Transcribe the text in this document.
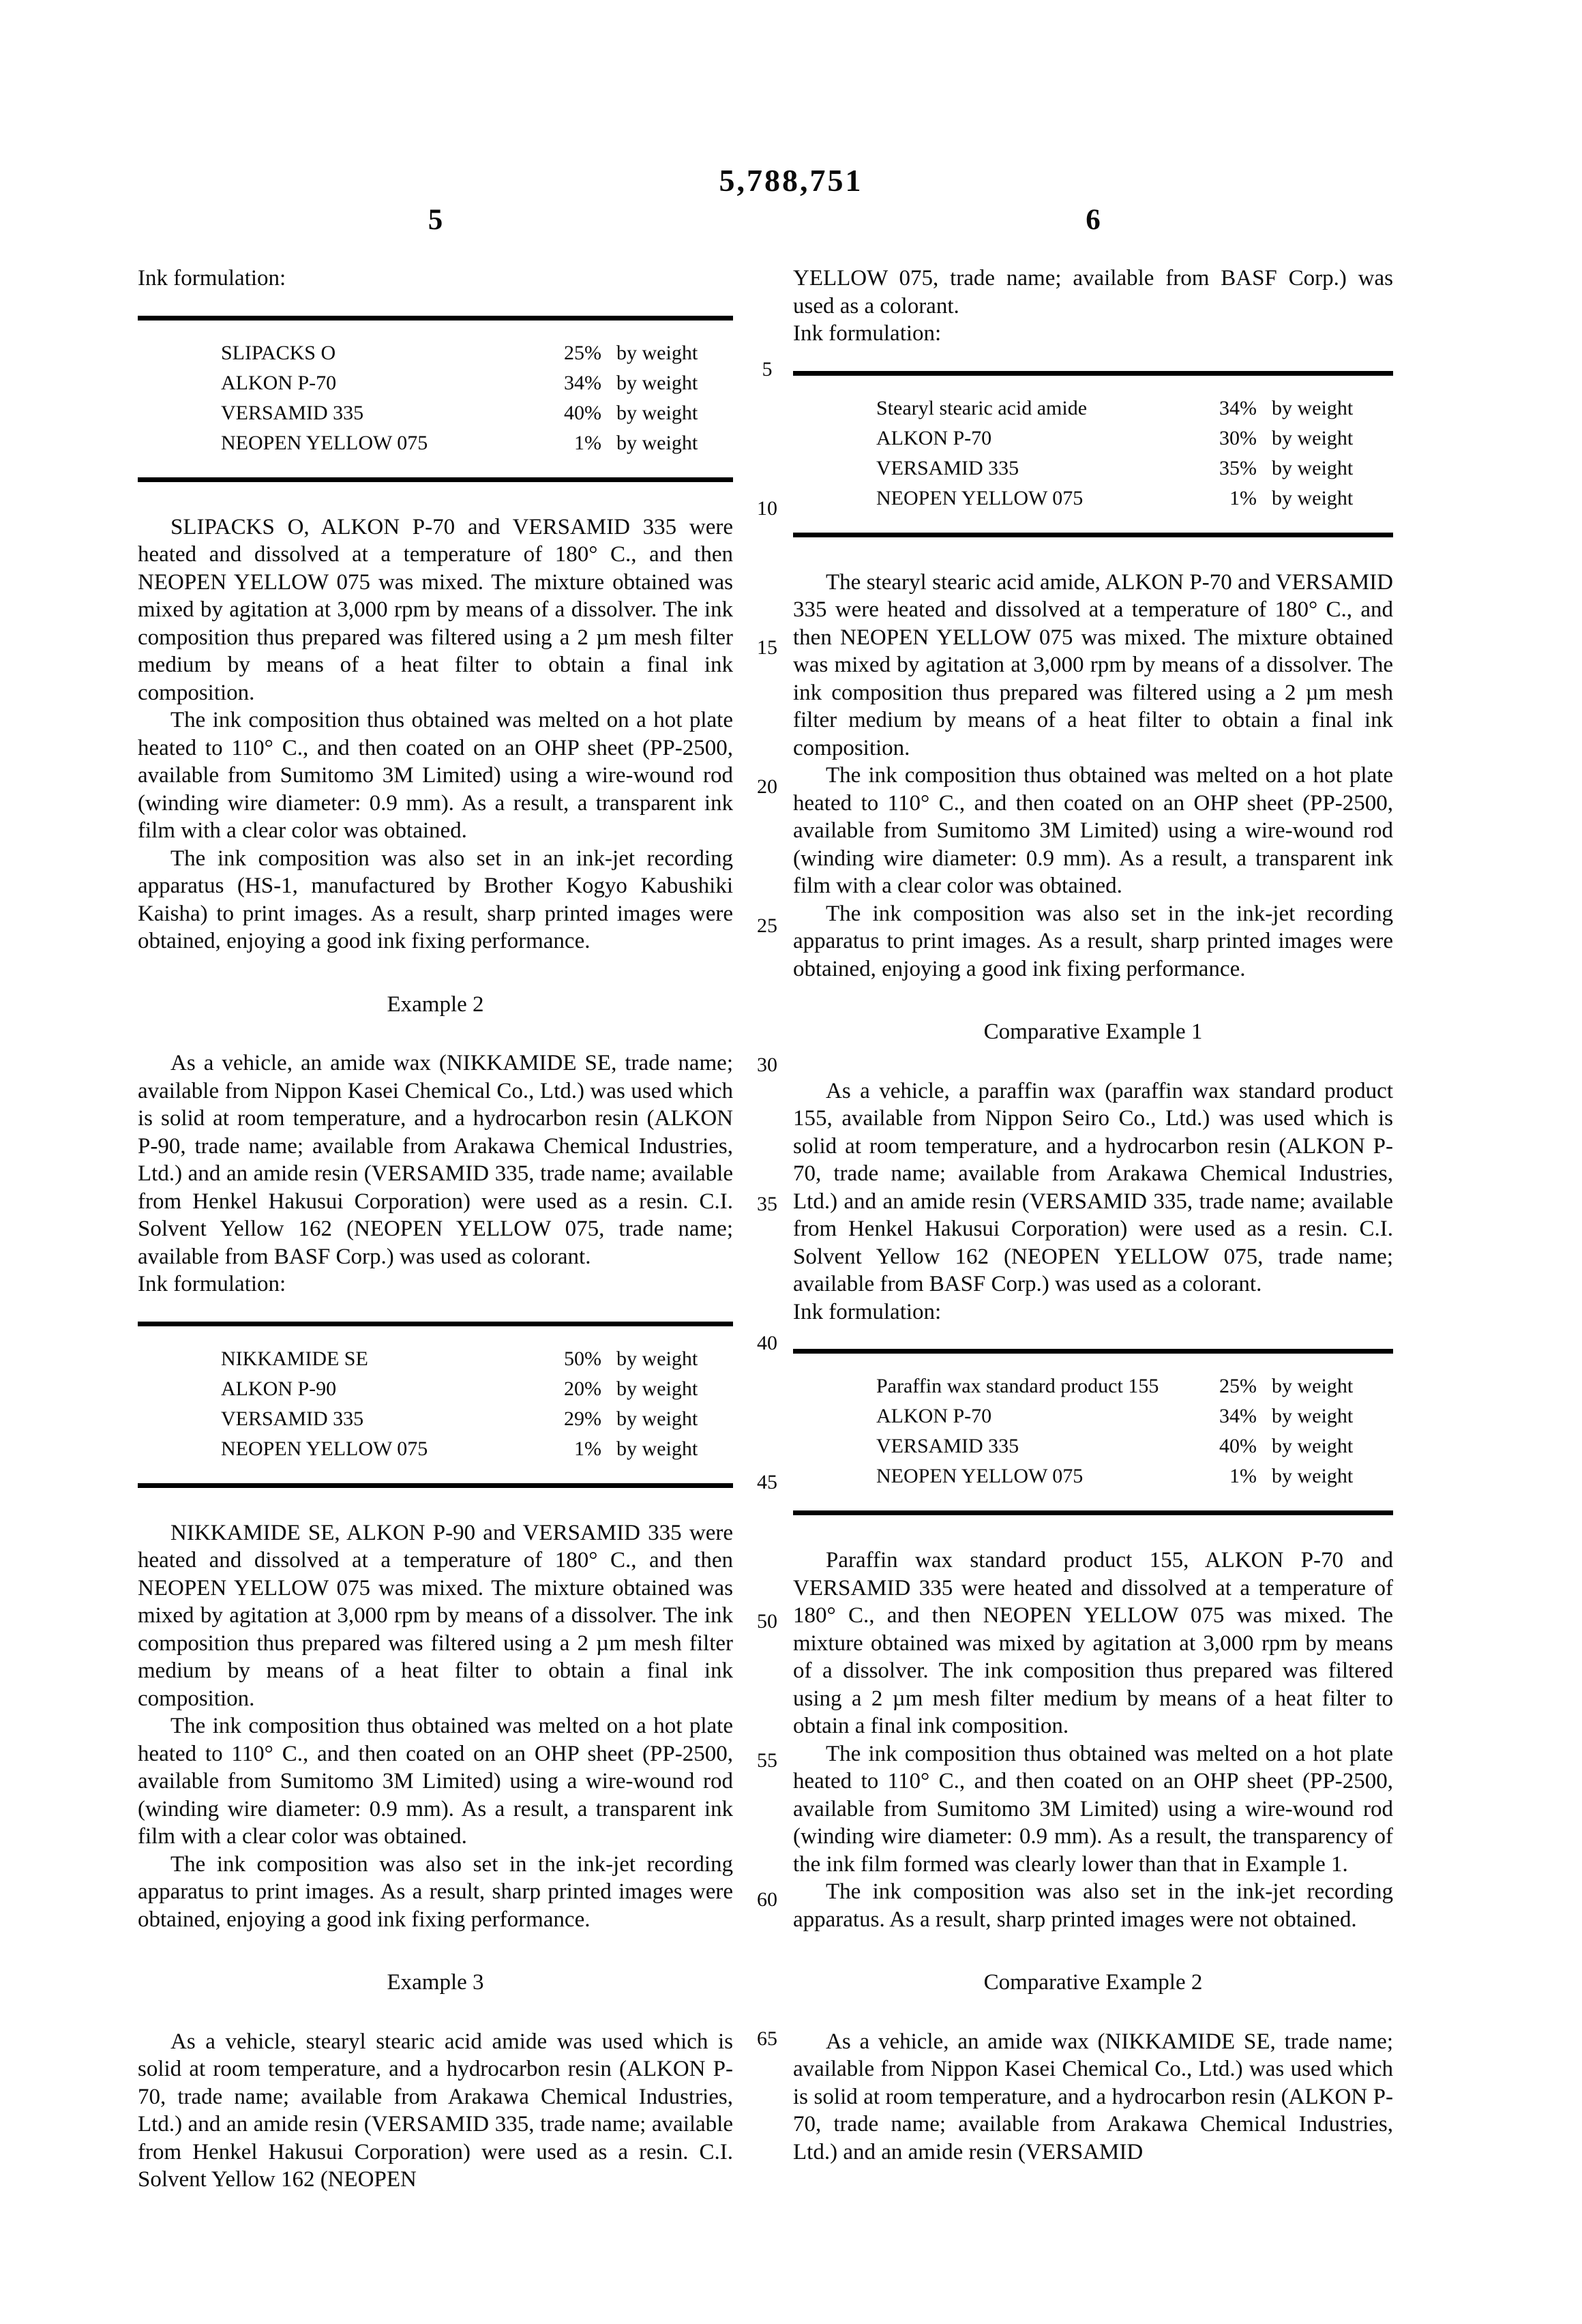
5,788,751
5	6
5
10
15
20
25
30
35
40
45
50
55
60
65

Ink formulation:

SLIPACKS O	25% by weight
ALKON P-70	34% by weight
VERSAMID 335	40% by weight
NEOPEN YELLOW 075	1% by weight

SLIPACKS O, ALKON P-70 and VERSAMID 335 were heated and dissolved at a temperature of 180° C., and then NEOPEN YELLOW 075 was mixed. The mixture obtained was mixed by agitation at 3,000 rpm by means of a dissolver. The ink composition thus prepared was filtered using a 2 µm mesh filter medium by means of a heat filter to obtain a final ink composition.

The ink composition thus obtained was melted on a hot plate heated to 110° C., and then coated on an OHP sheet (PP-2500, available from Sumitomo 3M Limited) using a wire-wound rod (winding wire diameter: 0.9 mm). As a result, a transparent ink film with a clear color was obtained.

The ink composition was also set in an ink-jet recording apparatus (HS-1, manufactured by Brother Kogyo Kabushiki Kaisha) to print images. As a result, sharp printed images were obtained, enjoying a good ink fixing performance.

Example 2

As a vehicle, an amide wax (NIKKAMIDE SE, trade name; available from Nippon Kasei Chemical Co., Ltd.) was used which is solid at room temperature, and a hydrocarbon resin (ALKON P-90, trade name; available from Arakawa Chemical Industries, Ltd.) and an amide resin (VERSAMID 335, trade name; available from Henkel Hakusui Corporation) were used as a resin. C.I. Solvent Yellow 162 (NEOPEN YELLOW 075, trade name; available from BASF Corp.) was used as colorant.

Ink formulation:

NIKKAMIDE SE	50% by weight
ALKON P-90	20% by weight
VERSAMID 335	29% by weight
NEOPEN YELLOW 075	1% by weight

NIKKAMIDE SE, ALKON P-90 and VERSAMID 335 were heated and dissolved at a temperature of 180° C., and then NEOPEN YELLOW 075 was mixed. The mixture obtained was mixed by agitation at 3,000 rpm by means of a dissolver. The ink composition thus prepared was filtered using a 2 µm mesh filter medium by means of a heat filter to obtain a final ink composition.

The ink composition thus obtained was melted on a hot plate heated to 110° C., and then coated on an OHP sheet (PP-2500, available from Sumitomo 3M Limited) using a wire-wound rod (winding wire diameter: 0.9 mm). As a result, a transparent ink film with a clear color was obtained.

The ink composition was also set in the ink-jet recording apparatus to print images. As a result, sharp printed images were obtained, enjoying a good ink fixing performance.

Example 3

As a vehicle, stearyl stearic acid amide was used which is solid at room temperature, and a hydrocarbon resin (ALKON P-70, trade name; available from Arakawa Chemical Industries, Ltd.) and an amide resin (VERSAMID 335, trade name; available from Henkel Hakusui Corporation) were used as a resin. C.I. Solvent Yellow 162 (NEOPEN

YELLOW 075, trade name; available from BASF Corp.) was used as a colorant.

Ink formulation:

Stearyl stearic acid amide	34% by weight
ALKON P-70	30% by weight
VERSAMID 335	35% by weight
NEOPEN YELLOW 075	1% by weight

The stearyl stearic acid amide, ALKON P-70 and VERSAMID 335 were heated and dissolved at a temperature of 180° C., and then NEOPEN YELLOW 075 was mixed. The mixture obtained was mixed by agitation at 3,000 rpm by means of a dissolver. The ink composition thus prepared was filtered using a 2 µm mesh filter medium by means of a heat filter to obtain a final ink composition.

The ink composition thus obtained was melted on a hot plate heated to 110° C., and then coated on an OHP sheet (PP-2500, available from Sumitomo 3M Limited) using a wire-wound rod (winding wire diameter: 0.9 mm). As a result, a transparent ink film with a clear color was obtained.

The ink composition was also set in the ink-jet recording apparatus to print images. As a result, sharp printed images were obtained, enjoying a good ink fixing performance.

Comparative Example 1

As a vehicle, a paraffin wax (paraffin wax standard product 155, available from Nippon Seiro Co., Ltd.) was used which is solid at room temperature, and a hydrocarbon resin (ALKON P-70, trade name; available from Arakawa Chemical Industries, Ltd.) and an amide resin (VERSAMID 335, trade name; available from Henkel Hakusui Corporation) were used as a resin. C.I. Solvent Yellow 162 (NEOPEN YELLOW 075, trade name; available from BASF Corp.) was used as a colorant.

Ink formulation:

Paraffin wax standard product 155	25% by weight
ALKON P-70	34% by weight
VERSAMID 335	40% by weight
NEOPEN YELLOW 075	1% by weight

Paraffin wax standard product 155, ALKON P-70 and VERSAMID 335 were heated and dissolved at a temperature of 180° C., and then NEOPEN YELLOW 075 was mixed. The mixture obtained was mixed by agitation at 3,000 rpm by means of a dissolver. The ink composition thus prepared was filtered using a 2 µm mesh filter medium by means of a heat filter to obtain a final ink composition.

The ink composition thus obtained was melted on a hot plate heated to 110° C., and then coated on an OHP sheet (PP-2500, available from Sumitomo 3M Limited) using a wire-wound rod (winding wire diameter: 0.9 mm). As a result, the transparency of the ink film formed was clearly lower than that in Example 1.

The ink composition was also set in the ink-jet recording apparatus. As a result, sharp printed images were not obtained.

Comparative Example 2

As a vehicle, an amide wax (NIKKAMIDE SE, trade name; available from Nippon Kasei Chemical Co., Ltd.) was used which is solid at room temperature, and a hydrocarbon resin (ALKON P-70, trade name; available from Arakawa Chemical Industries, Ltd.) and an amide resin (VERSAMID
